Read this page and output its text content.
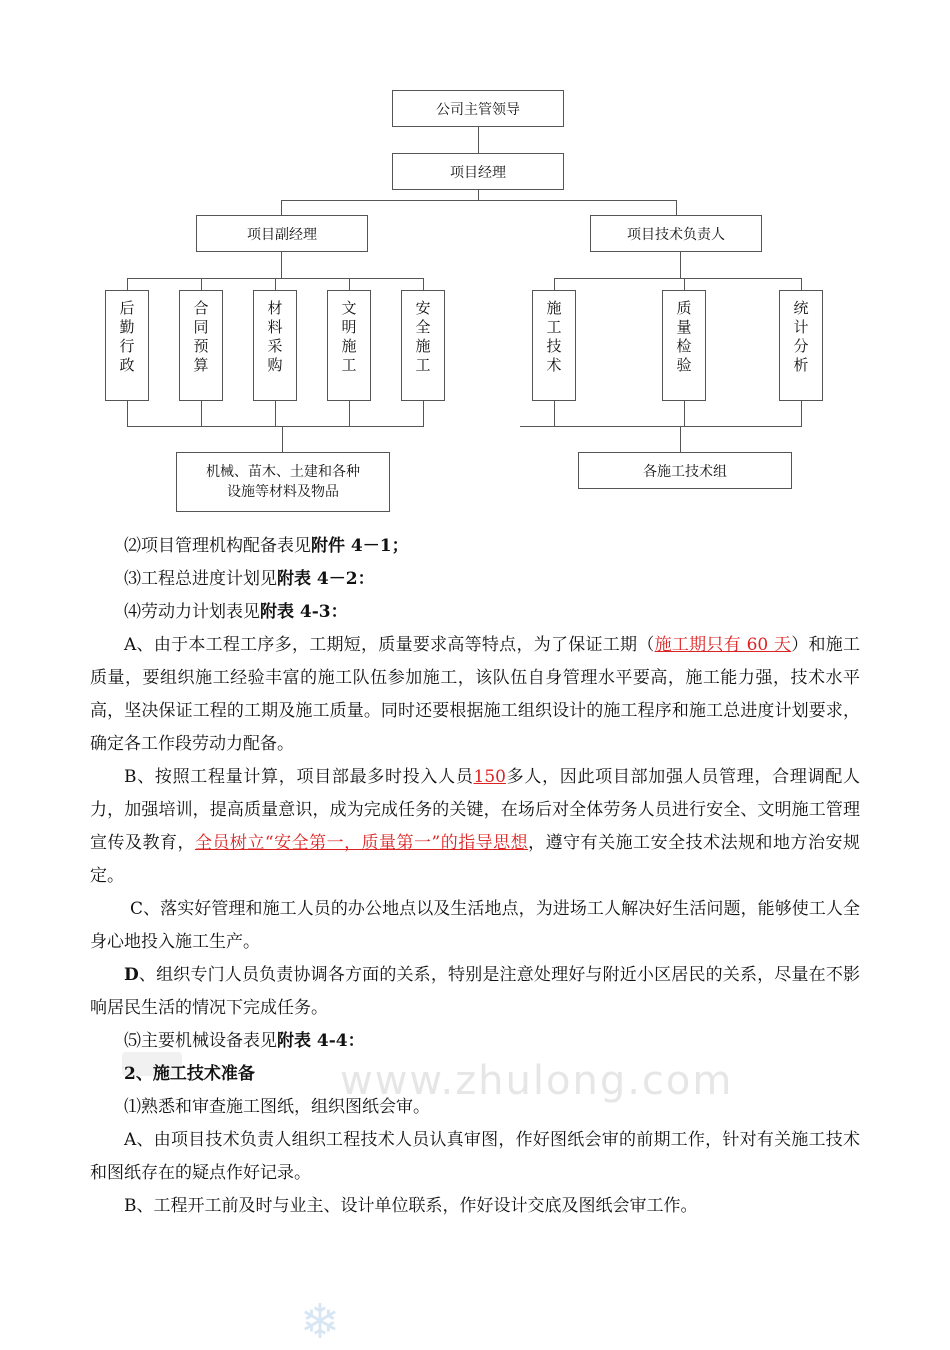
公司主管领导
项目经理
项目副经理	项目技术负责人
后
勤
行
政
合
同
预
算
材
料
采
购
文
明
施
工
安
全
施
工
施
工
技
术
质
量
检
验
统
计
分
析
机械、苗木、土建和各种
设施等材料及物品
各施工技术组
www.zhulong.com

⑵项目管理机构配备表见附件 4－1；

⑶工程总进度计划见附表 4－2：

⑷劳动力计划表见附表 4-3：

A、由于本工程工序多，工期短，质量要求高等特点，为了保证工期（施工期只有 60 天）和施工质量，要组织施工经验丰富的施工队伍参加施工，该队伍自身管理水平要高，施工能力强，技术水平高，坚决保证工程的工期及施工质量。同时还要根据施工组织设计的施工程序和施工总进度计划要求，确定各工作段劳动力配备。

B、按照工程量计算，项目部最多时投入人员150多人，因此项目部加强人员管理，合理调配人力，加强培训，提高质量意识，成为完成任务的关键，在场后对全体劳务人员进行安全、文明施工管理宣传及教育，全员树立“安全第一，质量第一”的指导思想，遵守有关施工安全技术法规和地方治安规定。

C、落实好管理和施工人员的办公地点以及生活地点，为进场工人解决好生活问题，能够使工人全身心地投入施工生产。

D、组织专门人员负责协调各方面的关系，特别是注意处理好与附近小区居民的关系，尽量在不影响居民生活的情况下完成任务。

⑸主要机械设备表见附表 4-4：

2、施工技术准备

⑴熟悉和审查施工图纸，组织图纸会审。

A、由项目技术负责人组织工程技术人员认真审图，作好图纸会审的前期工作，针对有关施工技术和图纸存在的疑点作好记录。

B、工程开工前及时与业主、设计单位联系，作好设计交底及图纸会审工作。

❄
